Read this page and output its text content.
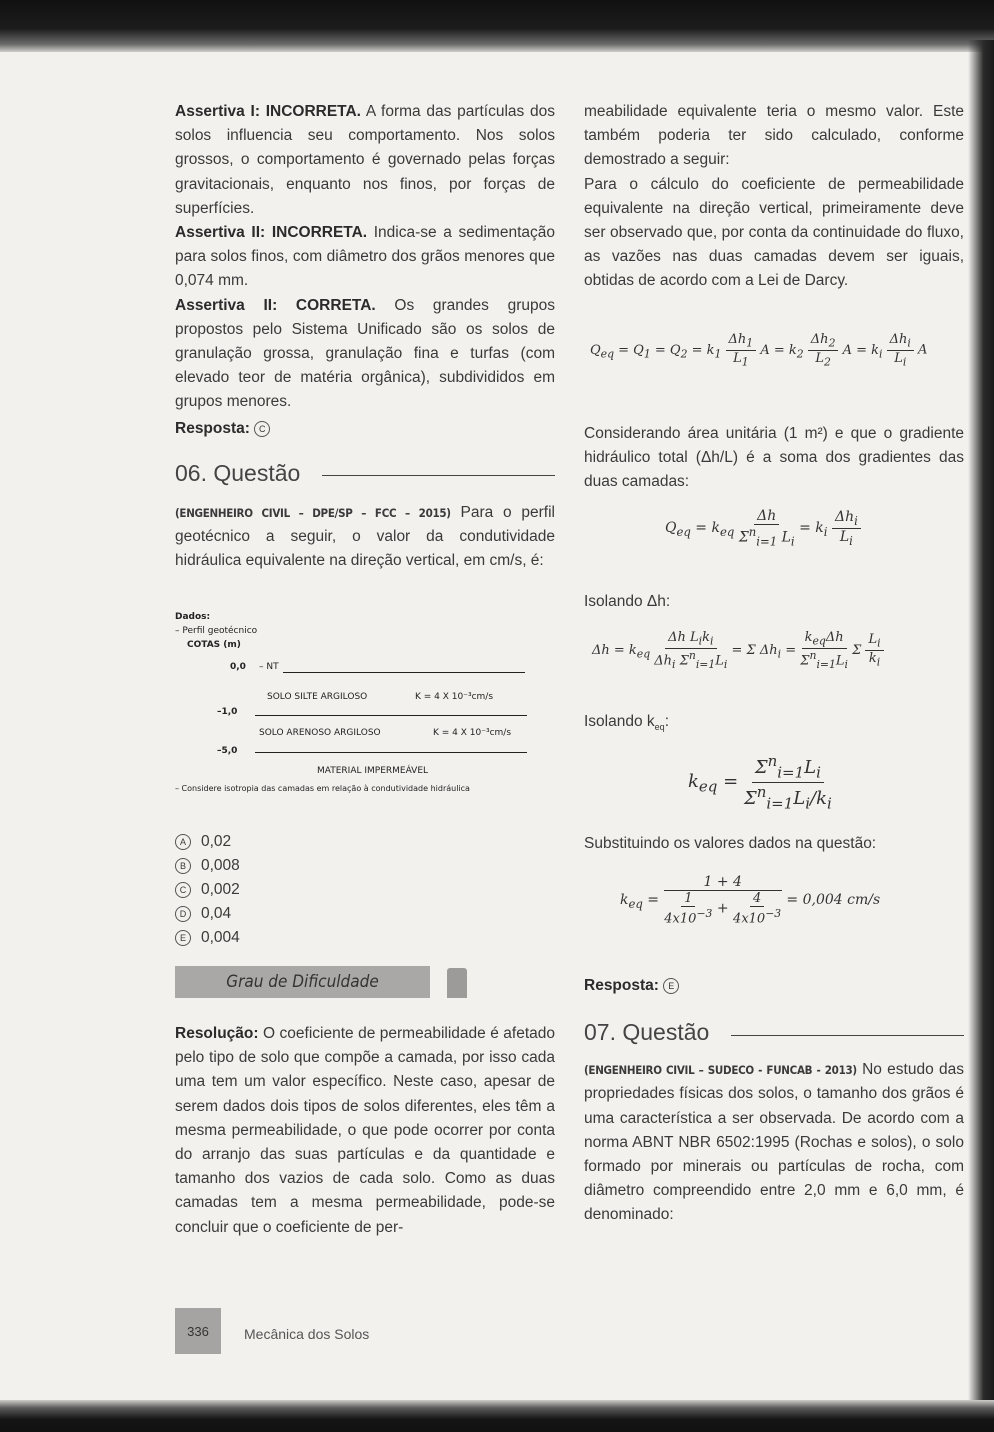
Assertiva I: INCORRETA. A forma das partículas dos solos influencia seu comportamento. Nos solos grossos, o comportamento é governado pelas forças gravitacionais, enquanto nos finos, por forças de superfícies.

Assertiva II: INCORRETA. Indica-se a sedimentação para solos finos, com diâmetro dos grãos menores que 0,074 mm.

Assertiva II: CORRETA. Os grandes grupos propostos pelo Sistema Unificado são os solos de granulação grossa, granulação fina e turfas (com elevado teor de matéria orgânica), subdivididos em grupos menores.

Resposta: C

06. Questão

(ENGENHEIRO CIVIL – DPE/SP – FCC – 2015) Para o perfil geotécnico a seguir, o valor da condutividade hidráulica equivalente na direção vertical, em cm/s, é:

Dados:
– Perfil geotécnico
COTAS (m)
0,0 – NT
SOLO SILTE ARGILOSO	K = 4 X 10⁻³cm/s
–1,0
SOLO ARENOSO ARGILOSO	K = 4 X 10⁻³cm/s
–5,0
MATERIAL IMPERMEÁVEL
– Considere isotropia das camadas em relação à condutividade hidráulica
A 0,02
B 0,008
C 0,002
D 0,04
E 0,004
Grau de Dificuldade

Resolução: O coeficiente de permeabilidade é afetado pelo tipo de solo que compõe a camada, por isso cada uma tem um valor específico. Neste caso, apesar de serem dados dois tipos de solos diferentes, eles têm a mesma permeabilidade, o que pode ocorrer por conta do arranjo das suas partículas e da quantidade e tamanho dos vazios de cada solo. Como as duas camadas tem a mesma permeabilidade, pode-se concluir que o coeficiente de per-

meabilidade equivalente teria o mesmo valor. Este também poderia ter sido calculado, conforme demostrado a seguir:

Para o cálculo do coeficiente de permeabilidade equivalente na direção vertical, primeiramente deve ser observado que, por conta da continuidade do fluxo, as vazões nas duas camadas devem ser iguais, obtidas de acordo com a Lei de Darcy.

$Q_{eq} = Q_1 = Q_2 = k_1 \frac{\Delta h_1}{L_1}$ $A = k_2 \frac{\Delta h_2}{L_2}$ $A = k_i \frac{\Delta h_i}{L_i}$ A

Considerando área unitária (1 m²) e que o gradiente hidráulico total (Δh/L) é a soma dos gradientes das duas camadas:

$Q_{eq} = k_{eq} \frac{\Delta h}{\Sigma^n_{i=1} L_i} = k_i \frac{\Delta h_i}{L_i}$

Isolando Δh:

$\Delta h = k_{eq} \frac{\Delta h L_ik_i}{\Delta h_i \Sigma^n_{i=1}L_i} = \Sigma$ $\Delta h_i = \frac{k_{eq}\Delta h}{\Sigma^n_{i=1}L_i}$ Σ $\frac{L_i}{k_i}$

Isolando $k_{eq}$:

$k_{eq} = \frac{\Sigma^n_{i=1}L_i}{\Sigma^n_{i=1}L_i/k_i}$

Substituindo os valores dados na questão:

$k_{eq} = \frac{1 + 4}{\frac{1}{4x10^{-3}} + \frac{4}{4x10^{-3}}} = 0,004$ cm/s

Resposta: E

07. Questão

(ENGENHEIRO CIVIL – SUDECO - FUNCAB - 2013) No estudo das propriedades físicas dos solos, o tamanho dos grãos é uma característica a ser observada. De acordo com a norma ABNT NBR 6502:1995 (Rochas e solos), o solo formado por minerais ou partículas de rocha, com diâmetro compreendido entre 2,0 mm e 6,0 mm, é denominado:

336	Mecânica dos Solos
